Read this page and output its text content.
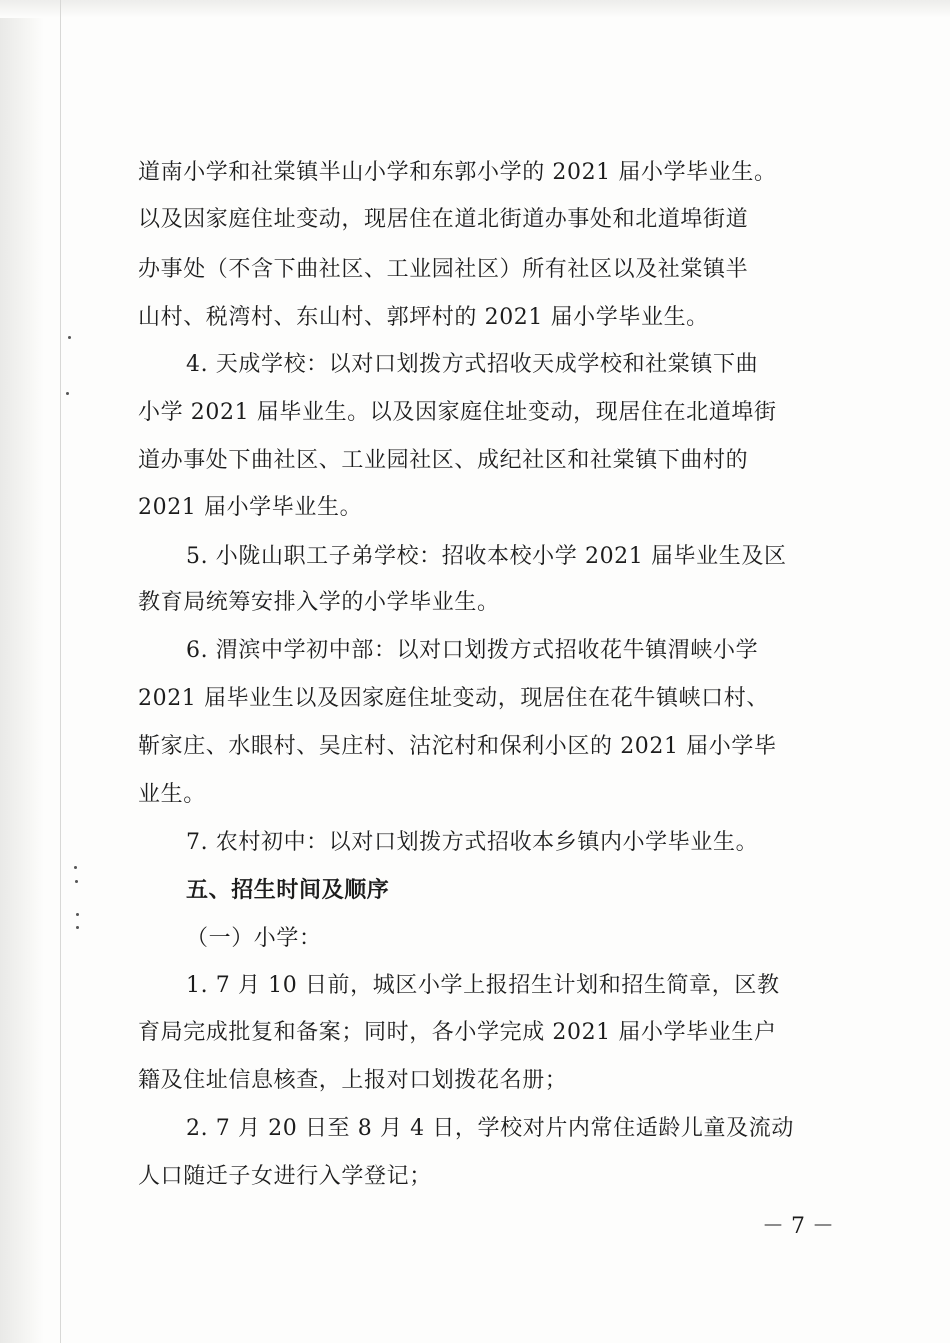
道南小学和社棠镇半山小学和东郭小学的 2021 届小学毕业生。
以及因家庭住址变动，现居住在道北街道办事处和北道埠街道
办事处（不含下曲社区、工业园社区）所有社区以及社棠镇半
山村、税湾村、东山村、郭坪村的 2021 届小学毕业生。
4. 天成学校：以对口划拨方式招收天成学校和社棠镇下曲
小学 2021 届毕业生。以及因家庭住址变动，现居住在北道埠街
道办事处下曲社区、工业园社区、成纪社区和社棠镇下曲村的
2021 届小学毕业生。
5. 小陇山职工子弟学校：招收本校小学 2021 届毕业生及区
教育局统筹安排入学的小学毕业生。
6. 渭滨中学初中部：以对口划拨方式招收花牛镇渭峡小学
2021 届毕业生以及因家庭住址变动，现居住在花牛镇峡口村、
靳家庄、水眼村、吴庄村、沽沱村和保利小区的 2021 届小学毕
业生。
7. 农村初中：以对口划拨方式招收本乡镇内小学毕业生。
五、招生时间及顺序
（一）小学：
1. 7 月 10 日前，城区小学上报招生计划和招生简章，区教
育局完成批复和备案；同时，各小学完成 2021 届小学毕业生户
籍及住址信息核查，上报对口划拨花名册；
2. 7 月 20 日至 8 月 4 日，学校对片内常住适龄儿童及流动
人口随迁子女进行入学登记；
－ 7 －
